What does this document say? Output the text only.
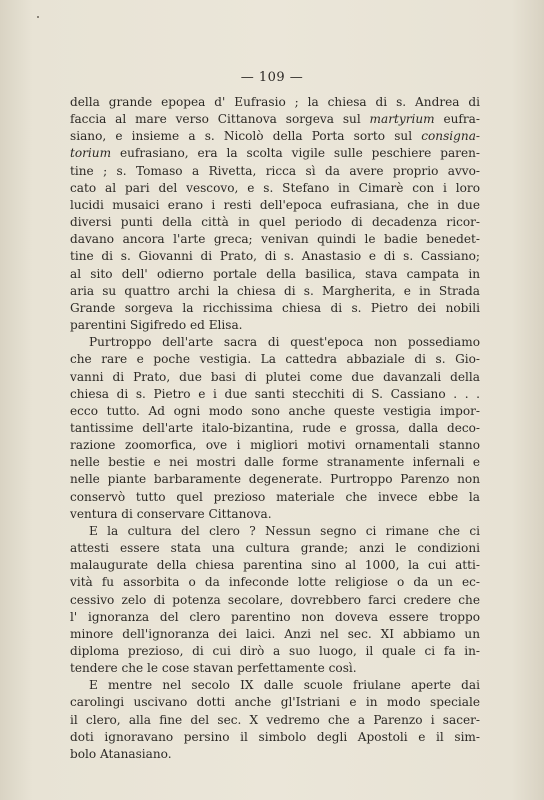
— 109 —
della grande epopea d' Eufrasio ; la chiesa di s. Andrea di
faccia al mare verso Cittanova sorgeva sul martyrium eufra-
siano, e insieme a s. Nicolò della Porta sorto sul consigna-
torium eufrasiano, era la scolta vigile sulle peschiere paren-
tine ; s. Tomaso a Rivetta, ricca sì da avere proprio avvo-
cato al pari del vescovo, e s. Stefano in Cimarè con i loro
lucidi musaici erano i resti dell'epoca eufrasiana, che in due
diversi punti della città in quel periodo di decadenza ricor-
davano ancora l'arte greca; venivan quindi le badie benedet-
tine di s. Giovanni di Prato, di s. Anastasio e di s. Cassiano;
al sito dell' odierno portale della basilica, stava campata in
aria su quattro archi la chiesa di s. Margherita, e in Strada
Grande sorgeva la ricchissima chiesa di s. Pietro dei nobili
parentini Sigifredo ed Elisa.
Purtroppo dell'arte sacra di quest'epoca non possediamo
che rare e poche vestigia. La cattedra abbaziale di s. Gio-
vanni di Prato, due basi di plutei come due davanzali della
chiesa di s. Pietro e i due santi stecchiti di S. Cassiano . . .
ecco tutto. Ad ogni modo sono anche queste vestigia impor-
tantissime dell'arte italo-bizantina, rude e grossa, dalla deco-
razione zoomorfica, ove i migliori motivi ornamentali stanno
nelle bestie e nei mostri dalle forme stranamente infernali e
nelle piante barbaramente degenerate. Purtroppo Parenzo non
conservò tutto quel prezioso materiale che invece ebbe la
ventura di conservare Cittanova.
E la cultura del clero ? Nessun segno ci rimane che ci
attesti essere stata una cultura grande; anzi le condizioni
malaugurate della chiesa parentina sino al 1000, la cui atti-
vità fu assorbita o da infeconde lotte religiose o da un ec-
cessivo zelo di potenza secolare, dovrebbero farci credere che
l' ignoranza del clero parentino non doveva essere troppo
minore dell'ignoranza dei laici. Anzi nel sec. XI abbiamo un
diploma prezioso, di cui dirò a suo luogo, il quale ci fa in-
tendere che le cose stavan perfettamente così.
E mentre nel secolo IX dalle scuole friulane aperte dai
carolingi uscivano dotti anche gl'Istriani e in modo speciale
il clero, alla fine del sec. X vedremo che a Parenzo i sacer-
doti ignoravano persino il simbolo degli Apostoli e il sim-
bolo Atanasiano.
